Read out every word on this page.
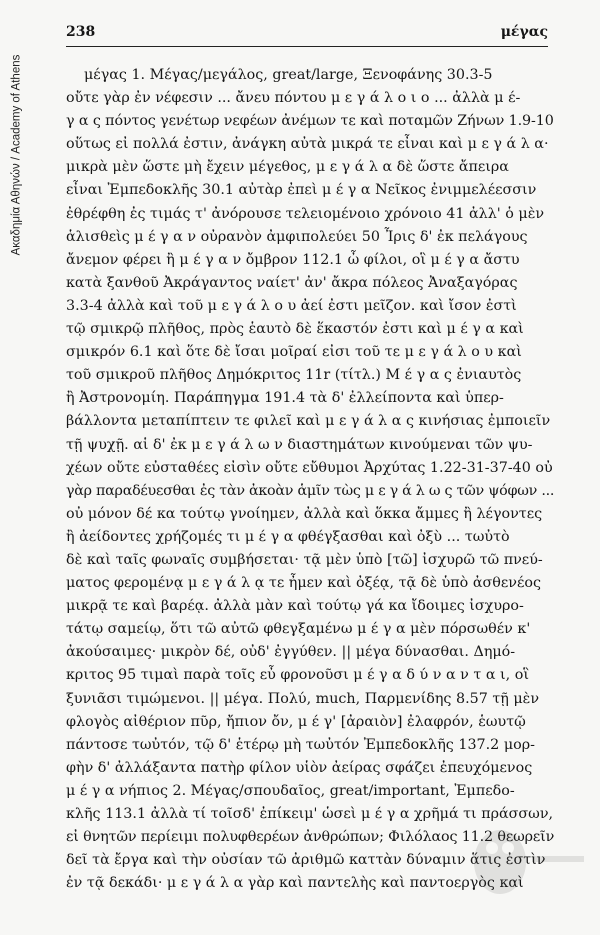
Ακαδημία Αθηνών / Academy of Athens
238	μέγας
μέγας 1. Μέγας/μεγάλος, great/large, Ξενοφάνης 30.3-5
οὔτε γὰρ ἐν νέφεσιν ... ἄνευ πόντου μ ε γ ά λ ο ι ο ... ἀλλὰ μ έ-
γ α ς πόντος γενέτωρ νεφέων ἀνέμων τε καὶ ποταμῶν Ζήνων 1.9-10
οὕτως εἰ πολλά ἐστιν, ἀνάγκη αὐτὰ μικρά τε εἶναι καὶ μ ε γ ά λ α·
μικρὰ μὲν ὥστε μὴ ἔχειν μέγεθος, μ ε γ ά λ α δὲ ὥστε ἄπειρα
εἶναι Ἐμπεδοκλῆς 30.1 αὐτὰρ ἐπεὶ μ έ γ α Νεῖκος ἐνιμμελέεσσιν
ἐθρέφθη ἐς τιμάς τ' ἀνόρουσε τελειομένοιο χρόνοιο 41 ἀλλ' ὁ μὲν
ἁλισθεὶς μ έ γ α ν οὐρανὸν ἀμφιπολεύει 50 Ἶρις δ' ἐκ πελάγους
ἄνεμον φέρει ἢ μ έ γ α ν ὄμβρον 112.1 ὦ φίλοι, οἳ μ έ γ α ἄστυ
κατὰ ξανθοῦ Ἀκράγαντος ναίετ' ἀν' ἄκρα πόλεος Ἀναξαγόρας
3.3-4 ἀλλὰ καὶ τοῦ μ ε γ ά λ ο υ ἀεί ἐστι μεῖζον. καὶ ἴσον ἐστὶ
τῷ σμικρῷ πλῆθος, πρὸς ἑαυτὸ δὲ ἕκαστόν ἐστι καὶ μ έ γ α καὶ
σμικρόν 6.1 καὶ ὅτε δὲ ἴσαι μοῖραί εἰσι τοῦ τε μ ε γ ά λ ο υ καὶ
τοῦ σμικροῦ πλῆθος Δημόκριτος 11r (τίτλ.) Μ έ γ α ς ἐνιαυτὸς
ἢ Ἀστρονομίη. Παράπηγμα 191.4 τὰ δ' ἐλλείποντα καὶ ὑπερ-
βάλλοντα μεταπίπτειν τε φιλεῖ καὶ μ ε γ ά λ α ς κινήσιας ἐμποιεῖν
τῇ ψυχῇ. αἱ δ' ἐκ μ ε γ ά λ ω ν διαστημάτων κινούμεναι τῶν ψυ-
χέων οὔτε εὐσταθέες εἰσὶν οὔτε εὔθυμοι Ἀρχύτας 1.22-31-37-40 οὐ
γὰρ παραδέυεσθαι ἐς τὰν ἀκοὰν ἁμῖν τὼς μ ε γ ά λ ω ς τῶν ψόφων ...
οὐ μόνον δέ κα τούτῳ γνοίημεν, ἀλλὰ καὶ ὅκκα ἄμμες ἢ λέγοντες
ἢ ἀείδοντες χρήζομές τι μ έ γ α φθέγξασθαι καὶ ὀξὺ ... τωὐτὸ
δὲ καὶ ταῖς φωναῖς συμβήσεται· τᾷ μὲν ὑπὸ [τῶ] ἰσχυρῶ τῶ πνεύ-
ματος φερομένᾳ μ ε γ ά λ ᾳ τε ἦμεν καὶ ὀξέᾳ, τᾷ δὲ ὑπὸ ἀσθενέος
μικρᾷ τε καὶ βαρέᾳ. ἀλλὰ μὰν καὶ τούτῳ γά κα ἴδοιμες ἰσχυρο-
τάτῳ σαμείῳ, ὅτι τῶ αὐτῶ φθεγξαμένω μ έ γ α μὲν πόρσωθέν κ'
ἀκούσαιμες· μικρὸν δέ, οὐδ' ἐγγύθεν. || μέγα δύνασθαι. Δημό-
κριτος 95 τιμαὶ παρὰ τοῖς εὖ φρονοῦσι μ έ γ α δ ύ ν α ν τ α ι, οἳ
ξυνιᾶσι τιμώμενοι. || μέγα. Πολύ, much, Παρμενίδης 8.57 τῇ μὲν
φλογὸς αἰθέριον πῦρ, ἤπιον ὄν, μ έ γ' [ἀραιὸν] ἐλαφρόν, ἑωυτῷ
πάντοσε τωὐτόν, τῷ δ' ἑτέρῳ μὴ τωὐτόν Ἐμπεδοκλῆς 137.2 μορ-
φὴν δ' ἀλλάξαντα πατὴρ φίλον υἱὸν ἀείρας σφάζει ἐπευχόμενος
μ έ γ α νήπιος 2. Μέγας/σπουδαῖος, great/important, Ἐμπεδο-
κλῆς 113.1 ἀλλὰ τί τοῖσδ' ἐπίκειμ' ὡσεὶ μ έ γ α χρῆμά τι πράσσων,
εἰ θνητῶν περίειμι πολυφθερέων ἀνθρώπων; Φιλόλαος 11.2 θεωρεῖν
δεῖ τὰ ἔργα καὶ τὴν οὐσίαν τῶ ἀριθμῶ καττὰν δύναμιν ἅτις ἐστὶν
ἐν τᾷ δεκάδι· μ ε γ ά λ α γὰρ καὶ παντελὴς καὶ παντοεργὸς καὶ
